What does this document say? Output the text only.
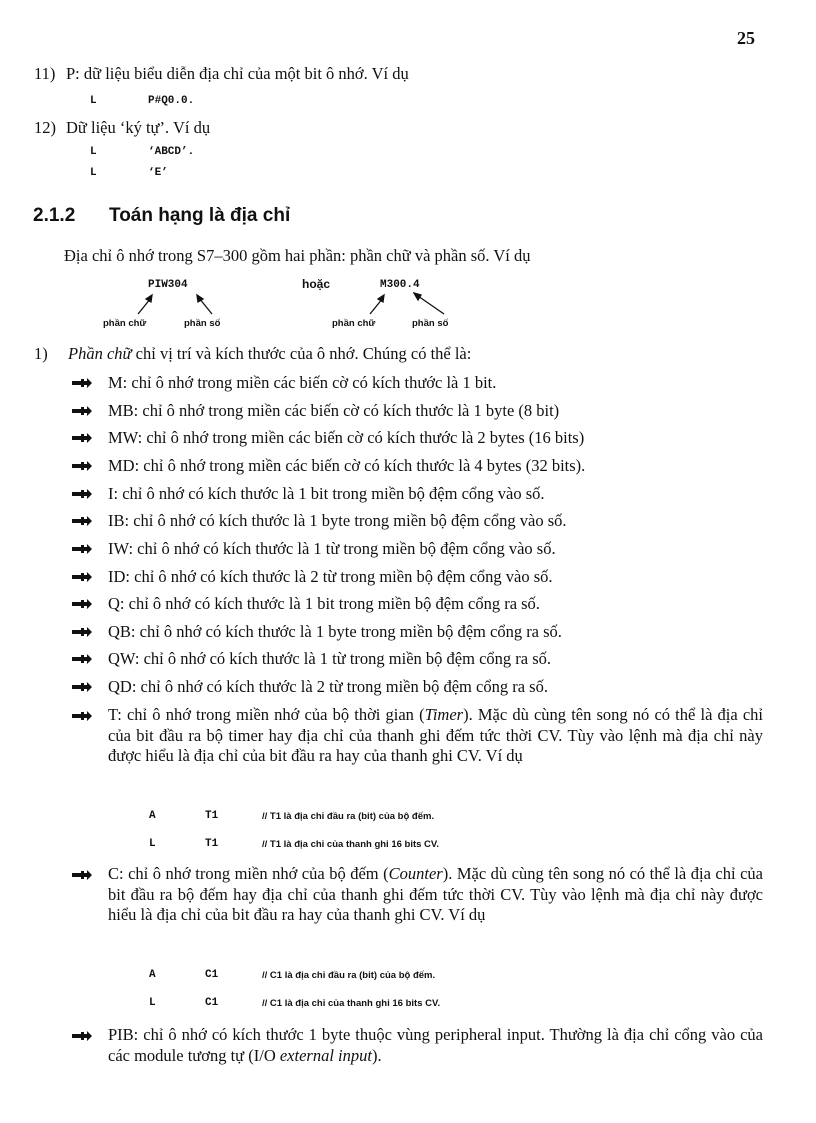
25
11) P: dữ liệu biểu diễn địa chỉ của một bit ô nhớ. Ví dụ
L	P#Q0.0.
12) Dữ liệu ‘ký tự’. Ví dụ
L	‘ABCD’.
L	‘E’
2.1.2 Toán hạng là địa chỉ
Địa chỉ ô nhớ trong S7–300 gồm hai phần: phần chữ và phần số. Ví dụ
PIW304	hoặc	M300.4
phần chữ	phần số	phần chữ	phần số
1) Phần chữ chỉ vị trí và kích thước của ô nhớ. Chúng có thể là:
M: chỉ ô nhớ trong miền các biến cờ có kích thước là 1 bit.
MB: chỉ ô nhớ trong miền các biến cờ có kích thước là 1 byte (8 bit)
MW: chỉ ô nhớ trong miền các biến cờ có kích thước là 2 bytes (16 bits)
MD: chỉ ô nhớ trong miền các biến cờ có kích thước là 4 bytes (32 bits).
I: chỉ ô nhớ có kích thước là 1 bit trong miền bộ đệm cổng vào số.
IB: chỉ ô nhớ có kích thước là 1 byte trong miền bộ đệm cổng vào số.
IW: chỉ ô nhớ có kích thước là 1 từ trong miền bộ đệm cổng vào số.
ID: chỉ ô nhớ có kích thước là 2 từ trong miền bộ đệm cổng vào số.
Q: chỉ ô nhớ có kích thước là 1 bit trong miền bộ đệm cổng ra số.
QB: chỉ ô nhớ có kích thước là 1 byte trong miền bộ đệm cổng ra số.
QW: chỉ ô nhớ có kích thước là 1 từ trong miền bộ đệm cổng ra số.
QD: chỉ ô nhớ có kích thước là 2 từ trong miền bộ đệm cổng ra số.
T: chỉ ô nhớ trong miền nhớ của bộ thời gian (Timer). Mặc dù cùng tên song nó có thể là địa chỉ của bit đầu ra bộ timer hay địa chỉ của thanh ghi đếm tức thời CV. Tùy vào lệnh mà địa chỉ này được hiểu là địa chỉ của bit đầu ra hay của thanh ghi CV. Ví dụ
A	T1	// T1 là địa chỉ đầu ra (bit) của bộ đếm.
L	T1	// T1 là địa chỉ của thanh ghi 16 bits CV.
C: chỉ ô nhớ trong miền nhớ của bộ đếm (Counter). Mặc dù cùng tên song nó có thể là địa chỉ của bit đầu ra bộ đếm hay địa chỉ của thanh ghi đếm tức thời CV. Tùy vào lệnh mà địa chỉ này được hiểu là địa chỉ của bit đầu ra hay của thanh ghi CV. Ví dụ
A	C1	// C1 là địa chỉ đầu ra (bit) của bộ đếm.
L	C1	// C1 là địa chỉ của thanh ghi 16 bits CV.
PIB: chỉ ô nhớ có kích thước 1 byte thuộc vùng peripheral input. Thường là địa chỉ cổng vào của các module tương tự (I/O external input).
